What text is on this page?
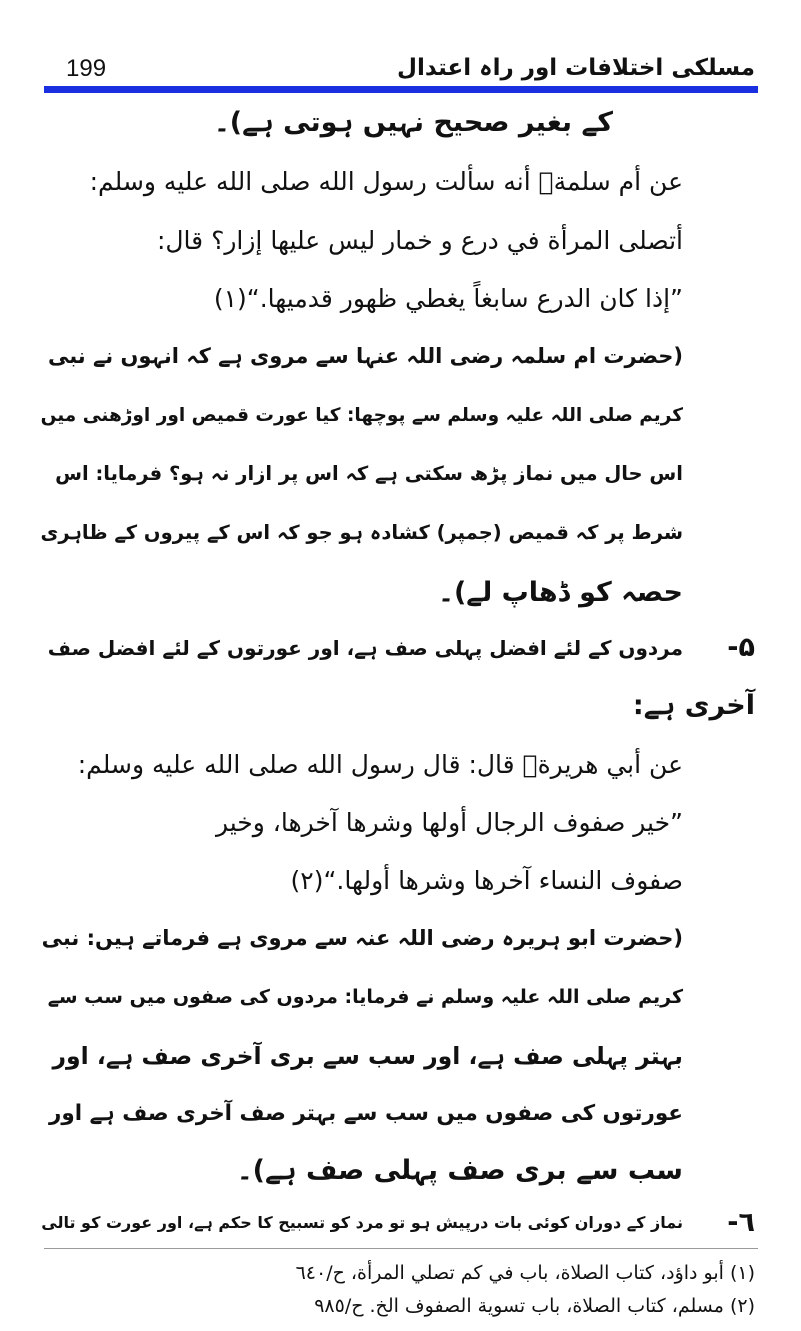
مسلکی اختلافات اور راہ اعتدال
199
کے بغیر صحیح نہیں ہوتی ہے)۔
عن أم سلمةؓ أنه سألت رسول الله صلى الله عليه وسلم:
أتصلى المرأة في درع و خمار ليس عليها إزار؟ قال:
”إذا كان الدرع سابغاً يغطي ظهور قدميها.“(١)
(حضرت ام سلمہ رضی اللہ عنہا سے مروی ہے کہ انہوں نے نبی
کریم صلی اللہ علیہ وسلم سے پوچھا: کیا عورت قمیص اور اوڑھنی میں
اس حال میں نماز پڑھ سکتی ہے کہ اس پر ازار نہ ہو؟ فرمایا: اس
شرط پر کہ قمیص (جمپر) کشادہ ہو جو کہ اس کے پیروں کے ظاہری
حصہ کو ڈھاپ لے)۔
۵-
مردوں کے لئے افضل پہلی صف ہے، اور عورتوں کے لئے افضل صف
آخری ہے:
عن أبي هريرةؓ قال: قال رسول الله صلى الله عليه وسلم:
”خير صفوف الرجال أولها وشرها آخرها، وخير
صفوف النساء آخرها وشرها أولها.“(٢)
(حضرت ابو ہریرہ رضی اللہ عنہ سے مروی ہے فرماتے ہیں: نبی
کریم صلی اللہ علیہ وسلم نے فرمایا: مردوں کی صفوں میں سب سے
بہتر پہلی صف ہے، اور سب سے بری آخری صف ہے، اور
عورتوں کی صفوں میں سب سے بہتر صف آخری صف ہے اور
سب سے بری صف پہلی صف ہے)۔
٦-
نماز کے دوران کوئی بات درپیش ہو تو مرد کو تسبیح کا حکم ہے، اور عورت کو تالی
(١) أبو داؤد، كتاب الصلاة، باب في كم تصلي المرأة، ح/٦٤٠
(٢) مسلم، كتاب الصلاة، باب تسوية الصفوف الخ. ح/٩٨٥
